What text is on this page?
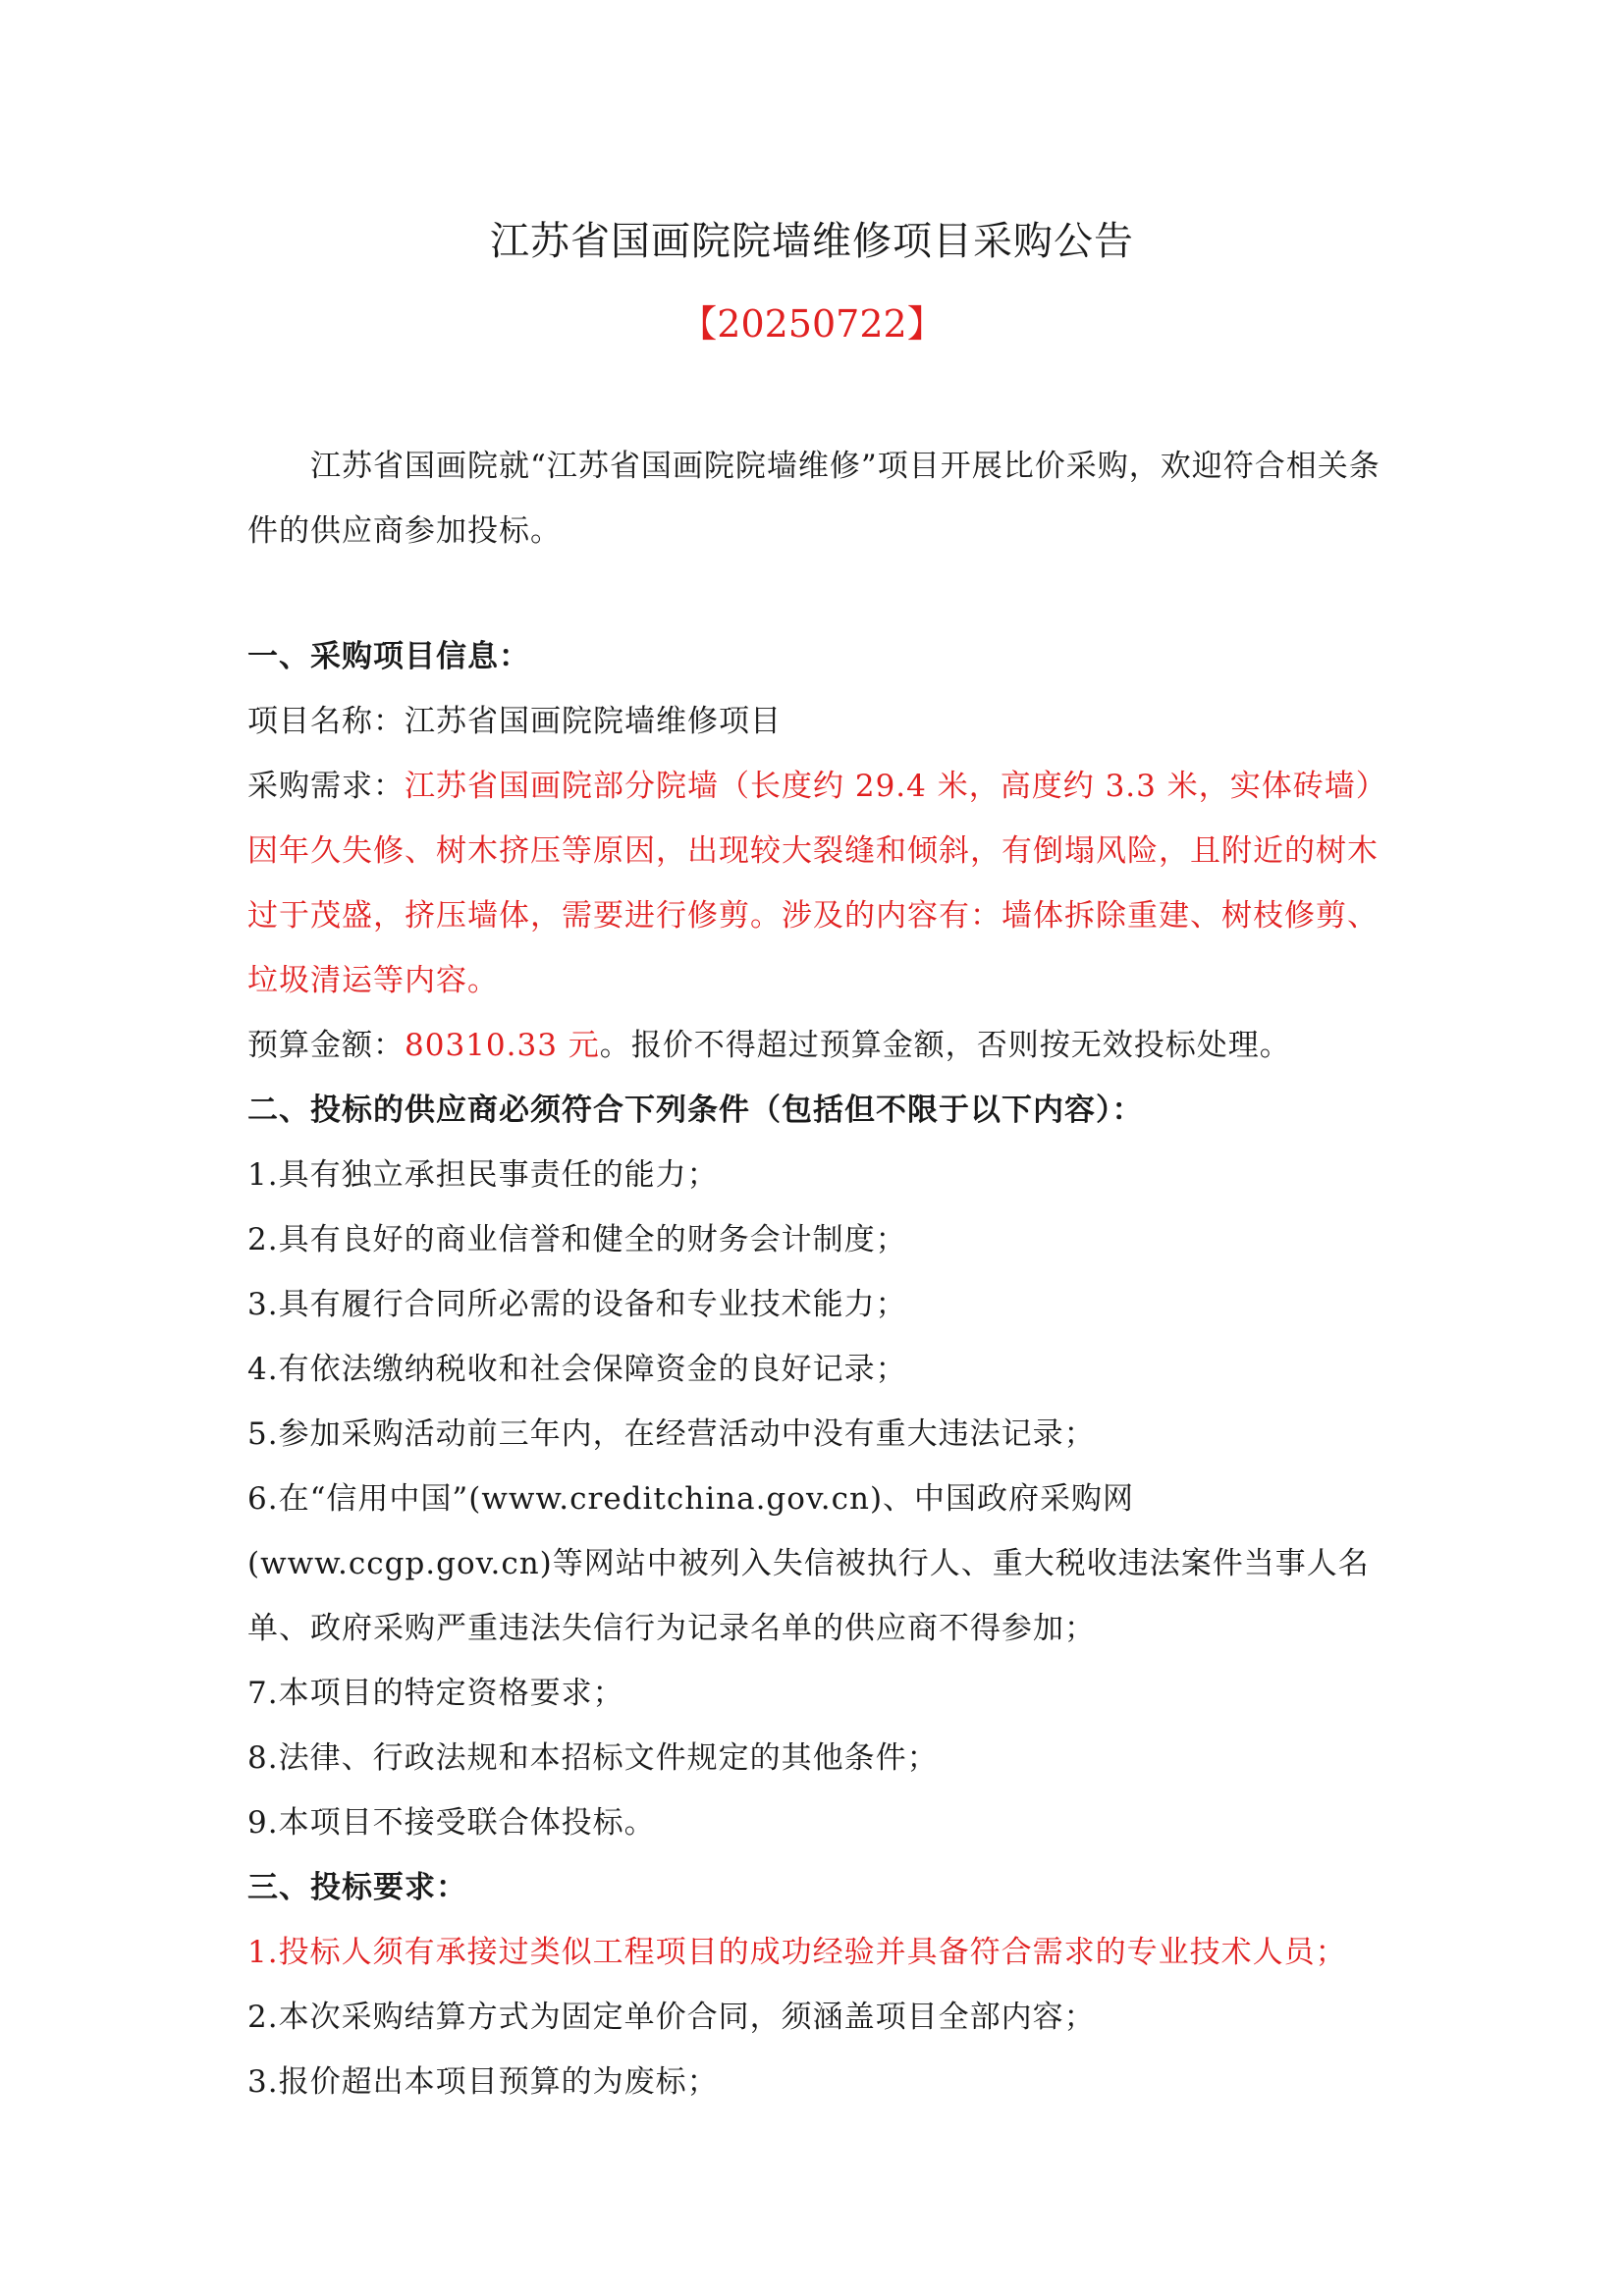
江苏省国画院院墙维修项目采购公告
【20250722】
江苏省国画院就“江苏省国画院院墙维修”项目开展比价采购，欢迎符合相关条件的供应商参加投标。

一、采购项目信息：

项目名称：江苏省国画院院墙维修项目

采购需求：江苏省国画院部分院墙（长度约 29.4 米，高度约 3.3 米，实体砖墙）因年久失修、树木挤压等原因，出现较大裂缝和倾斜，有倒塌风险，且附近的树木过于茂盛，挤压墙体，需要进行修剪。涉及的内容有：墙体拆除重建、树枝修剪、垃圾清运等内容。

预算金额：80310.33 元。报价不得超过预算金额，否则按无效投标处理。

二、投标的供应商必须符合下列条件（包括但不限于以下内容）：

1.具有独立承担民事责任的能力；

2.具有良好的商业信誉和健全的财务会计制度；

3.具有履行合同所必需的设备和专业技术能力；

4.有依法缴纳税收和社会保障资金的良好记录；

5.参加采购活动前三年内，在经营活动中没有重大违法记录；

6.在“信用中国”(www.creditchina.gov.cn)、中国政府采购网(www.ccgp.gov.cn)等网站中被列入失信被执行人、重大税收违法案件当事人名单、政府采购严重违法失信行为记录名单的供应商不得参加；

7.本项目的特定资格要求；

8.法律、行政法规和本招标文件规定的其他条件；

9.本项目不接受联合体投标。

三、投标要求：

1.投标人须有承接过类似工程项目的成功经验并具备符合需求的专业技术人员；

2.本次采购结算方式为固定单价合同，须涵盖项目全部内容；

3.报价超出本项目预算的为废标；
